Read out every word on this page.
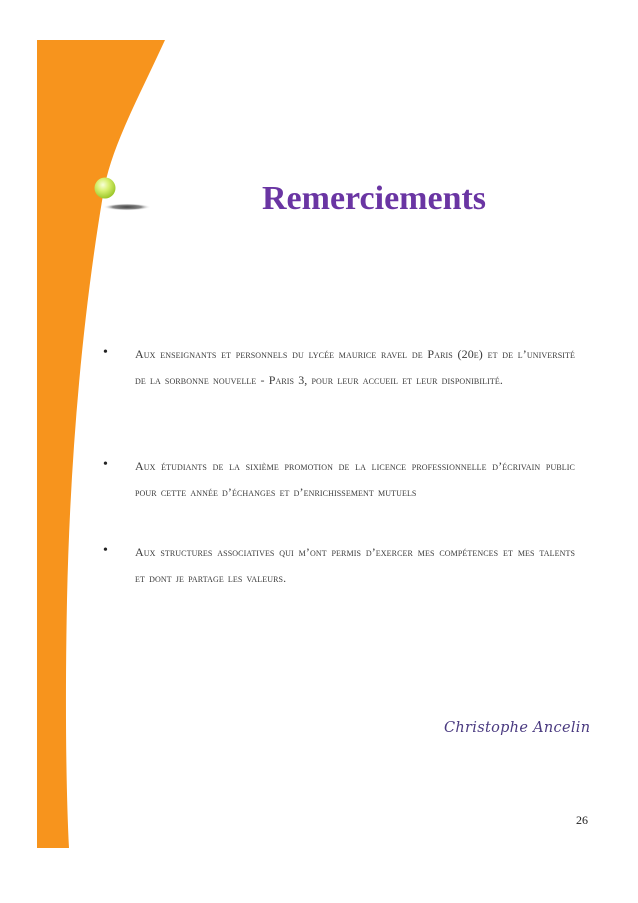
Remerciements
•	Aux enseignants et personnels du lycée maurice ravel de Paris (20e) et de l’université de la sorbonne nouvelle - Paris 3, pour leur accueil et leur disponibilité.
•	Aux étudiants de la sixième promotion de la licence professionnelle d’écrivain public pour cette année d’échanges et d’enrichissement mutuels
•	Aux structures associatives qui m’ont permis d’exercer mes compétences et mes talents et dont je partage les valeurs.
Christophe Ancelin
26
